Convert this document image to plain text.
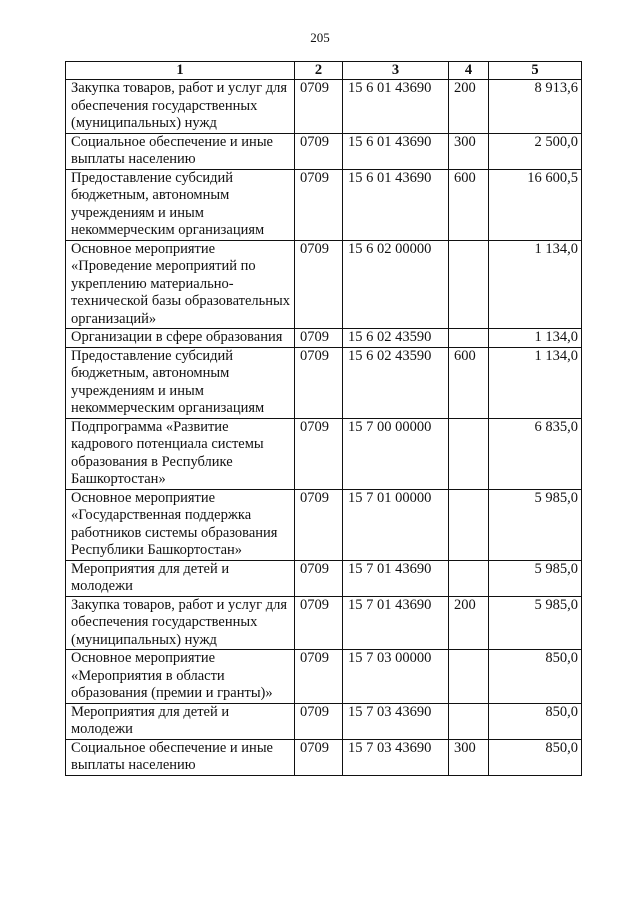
205
1	2	3	4	5
Закупка товаров, работ и услуг для обеспечения государственных (муниципальных) нужд	0709	15 6 01 43690	200	8 913,6
Социальное обеспечение и иные выплаты населению	0709	15 6 01 43690	300	2 500,0
Предоставление субсидий бюджетным, автономным учреждениям и иным некоммерческим организациям	0709	15 6 01 43690	600	16 600,5
Основное мероприятие «Проведение мероприятий по укреплению материально-технической базы образовательных организаций»	0709	15 6 02 00000		1 134,0
Организации в сфере образования	0709	15 6 02 43590		1 134,0
Предоставление субсидий бюджетным, автономным учреждениям и иным некоммерческим организациям	0709	15 6 02 43590	600	1 134,0
Подпрограмма «Развитие кадрового потенциала системы образования в Республике Башкортостан»	0709	15 7 00 00000		6 835,0
Основное мероприятие «Государственная поддержка работников системы образования Республики Башкортостан»	0709	15 7 01 00000		5 985,0
Мероприятия для детей и молодежи	0709	15 7 01 43690		5 985,0
Закупка товаров, работ и услуг для обеспечения государственных (муниципальных) нужд	0709	15 7 01 43690	200	5 985,0
Основное мероприятие «Мероприятия в области образования (премии и гранты)»	0709	15 7 03 00000		850,0
Мероприятия для детей и молодежи	0709	15 7 03 43690		850,0
Социальное обеспечение и иные выплаты населению	0709	15 7 03 43690	300	850,0
